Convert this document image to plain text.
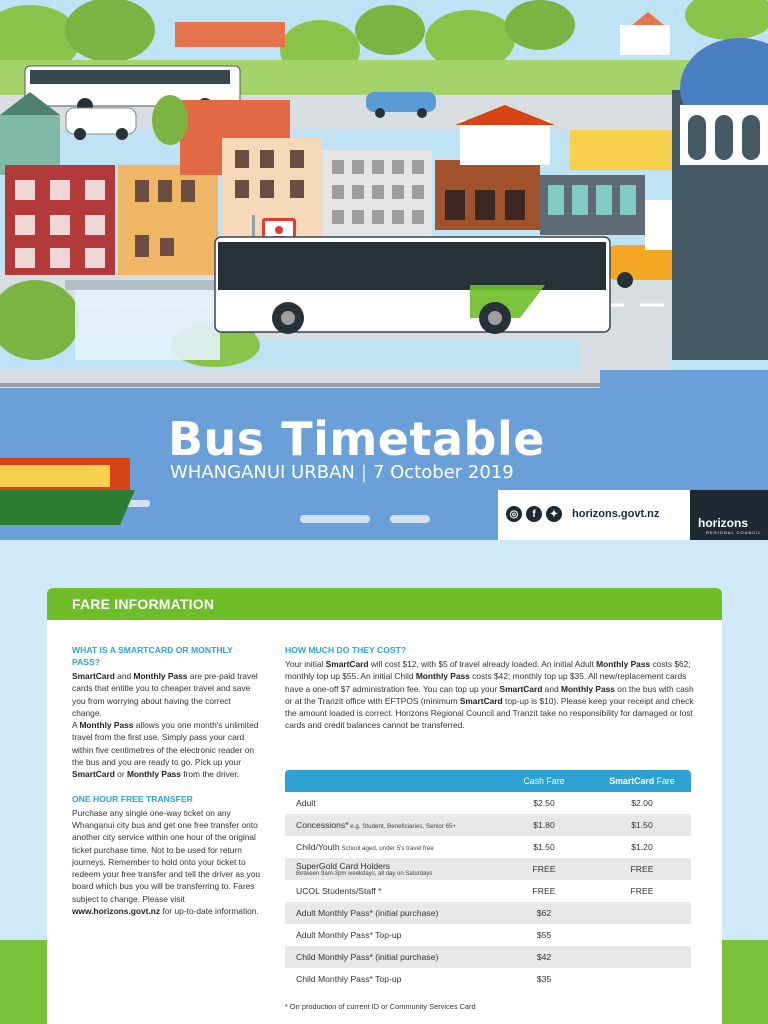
Bus Timetable
WHANGANUI URBAN | 7 October 2019
◎	f	✦	horizons.govt.nz
horizons
REGIONAL COUNCIL
FARE INFORMATION
WHAT IS A SMARTCARD OR MONTHLY PASS?

SmartCard and Monthly Pass are pre-paid travel cards that entitle you to cheaper travel and save you from worrying about having the correct change.

A Monthly Pass allows you one month's unlimited travel from the first use. Simply pass your card within five centimetres of the electronic reader on the bus and you are ready to go. Pick up your SmartCard or Monthly Pass from the driver.

ONE HOUR FREE TRANSFER

Purchase any single one-way ticket on any Whanganui city bus and get one free transfer onto another city service within one hour of the original ticket purchase time. Not to be used for return journeys. Remember to hold onto your ticket to redeem your free transfer and tell the driver as you board which bus you will be transferring to. Fares subject to change. Please visit www.horizons.govt.nz for up-to-date information.

HOW MUCH DO THEY COST?

Your initial SmartCard will cost $12, with $5 of travel already loaded. An initial Adult Monthly Pass costs $62; monthly top up $55. An initial Child Monthly Pass costs $42; monthly top up $35. All new/replacement cards have a one-off $7 administration fee. You can top up your SmartCard and Monthly Pass on the bus with cash or at the Tranzit office with EFTPOS (minimum SmartCard top-up is $10). Please keep your receipt and check the amount loaded is correct. Horizons Regional Council and Tranzit take no responsibility for damaged or lost cards and credit balances cannot be transferred.

	Cash Fare	SmartCard Fare
Adult	$2.50	$2.00
Concessions* e.g. Student, Beneficiaries, Senior 65+	$1.80	$1.50
Child/Youth School aged, under 5's travel free	$1.50	$1.20
SuperGold Card Holders
Between 9am-3pm weekdays, all day on Saturdays	FREE	FREE
UCOL Students/Staff *	FREE	FREE
Adult Monthly Pass* (initial purchase)	$62	
Adult Monthly Pass* Top-up	$55	
Child Monthly Pass* (initial purchase)	$42	
Child Monthly Pass* Top-up	$35	
* On production of current ID or Community Services Card
